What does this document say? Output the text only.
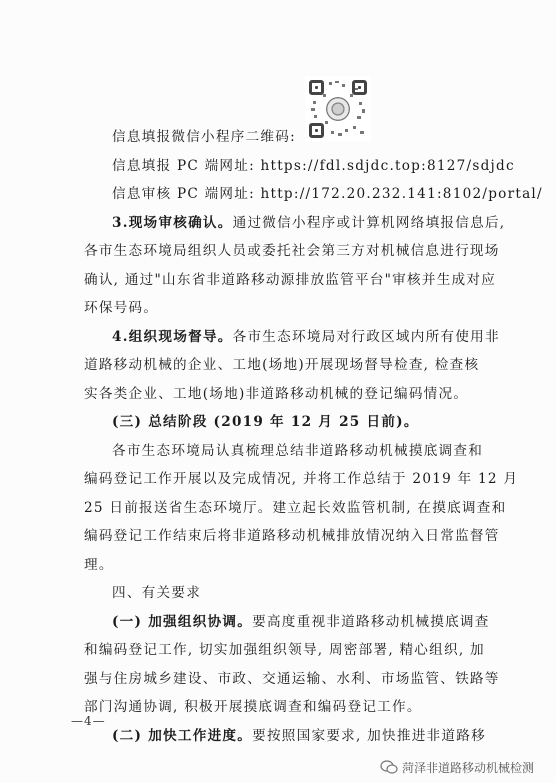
信息填报微信小程序二维码:
信息填报 PC 端网址: https://fdl.sdjdc.top:8127/sdjdc
信息审核 PC 端网址: http://172.20.232.141:8102/portal/
3.现场审核确认。通过微信小程序或计算机网络填报信息后,
各市生态环境局组织人员或委托社会第三方对机械信息进行现场
确认, 通过"山东省非道路移动源排放监管平台"审核并生成对应
环保号码。
4.组织现场督导。各市生态环境局对行政区域内所有使用非
道路移动机械的企业、工地(场地)开展现场督导检查, 检查核
实各类企业、工地(场地)非道路移动机械的登记编码情况。
(三) 总结阶段 (2019 年 12 月 25 日前)。
各市生态环境局认真梳理总结非道路移动机械摸底调查和
编码登记工作开展以及完成情况, 并将工作总结于 2019 年 12 月
25 日前报送省生态环境厅。建立起长效监管机制, 在摸底调查和
编码登记工作结束后将非道路移动机械排放情况纳入日常监督管
理。
四、有关要求
(一) 加强组织协调。要高度重视非道路移动机械摸底调查
和编码登记工作, 切实加强组织领导, 周密部署, 精心组织, 加
强与住房城乡建设、市政、交通运输、水利、市场监管、铁路等
部门沟通协调, 积极开展摸底调查和编码登记工作。
(二) 加快工作进度。要按照国家要求, 加快推进非道路移
—4—
菏泽非道路移动机械检测
